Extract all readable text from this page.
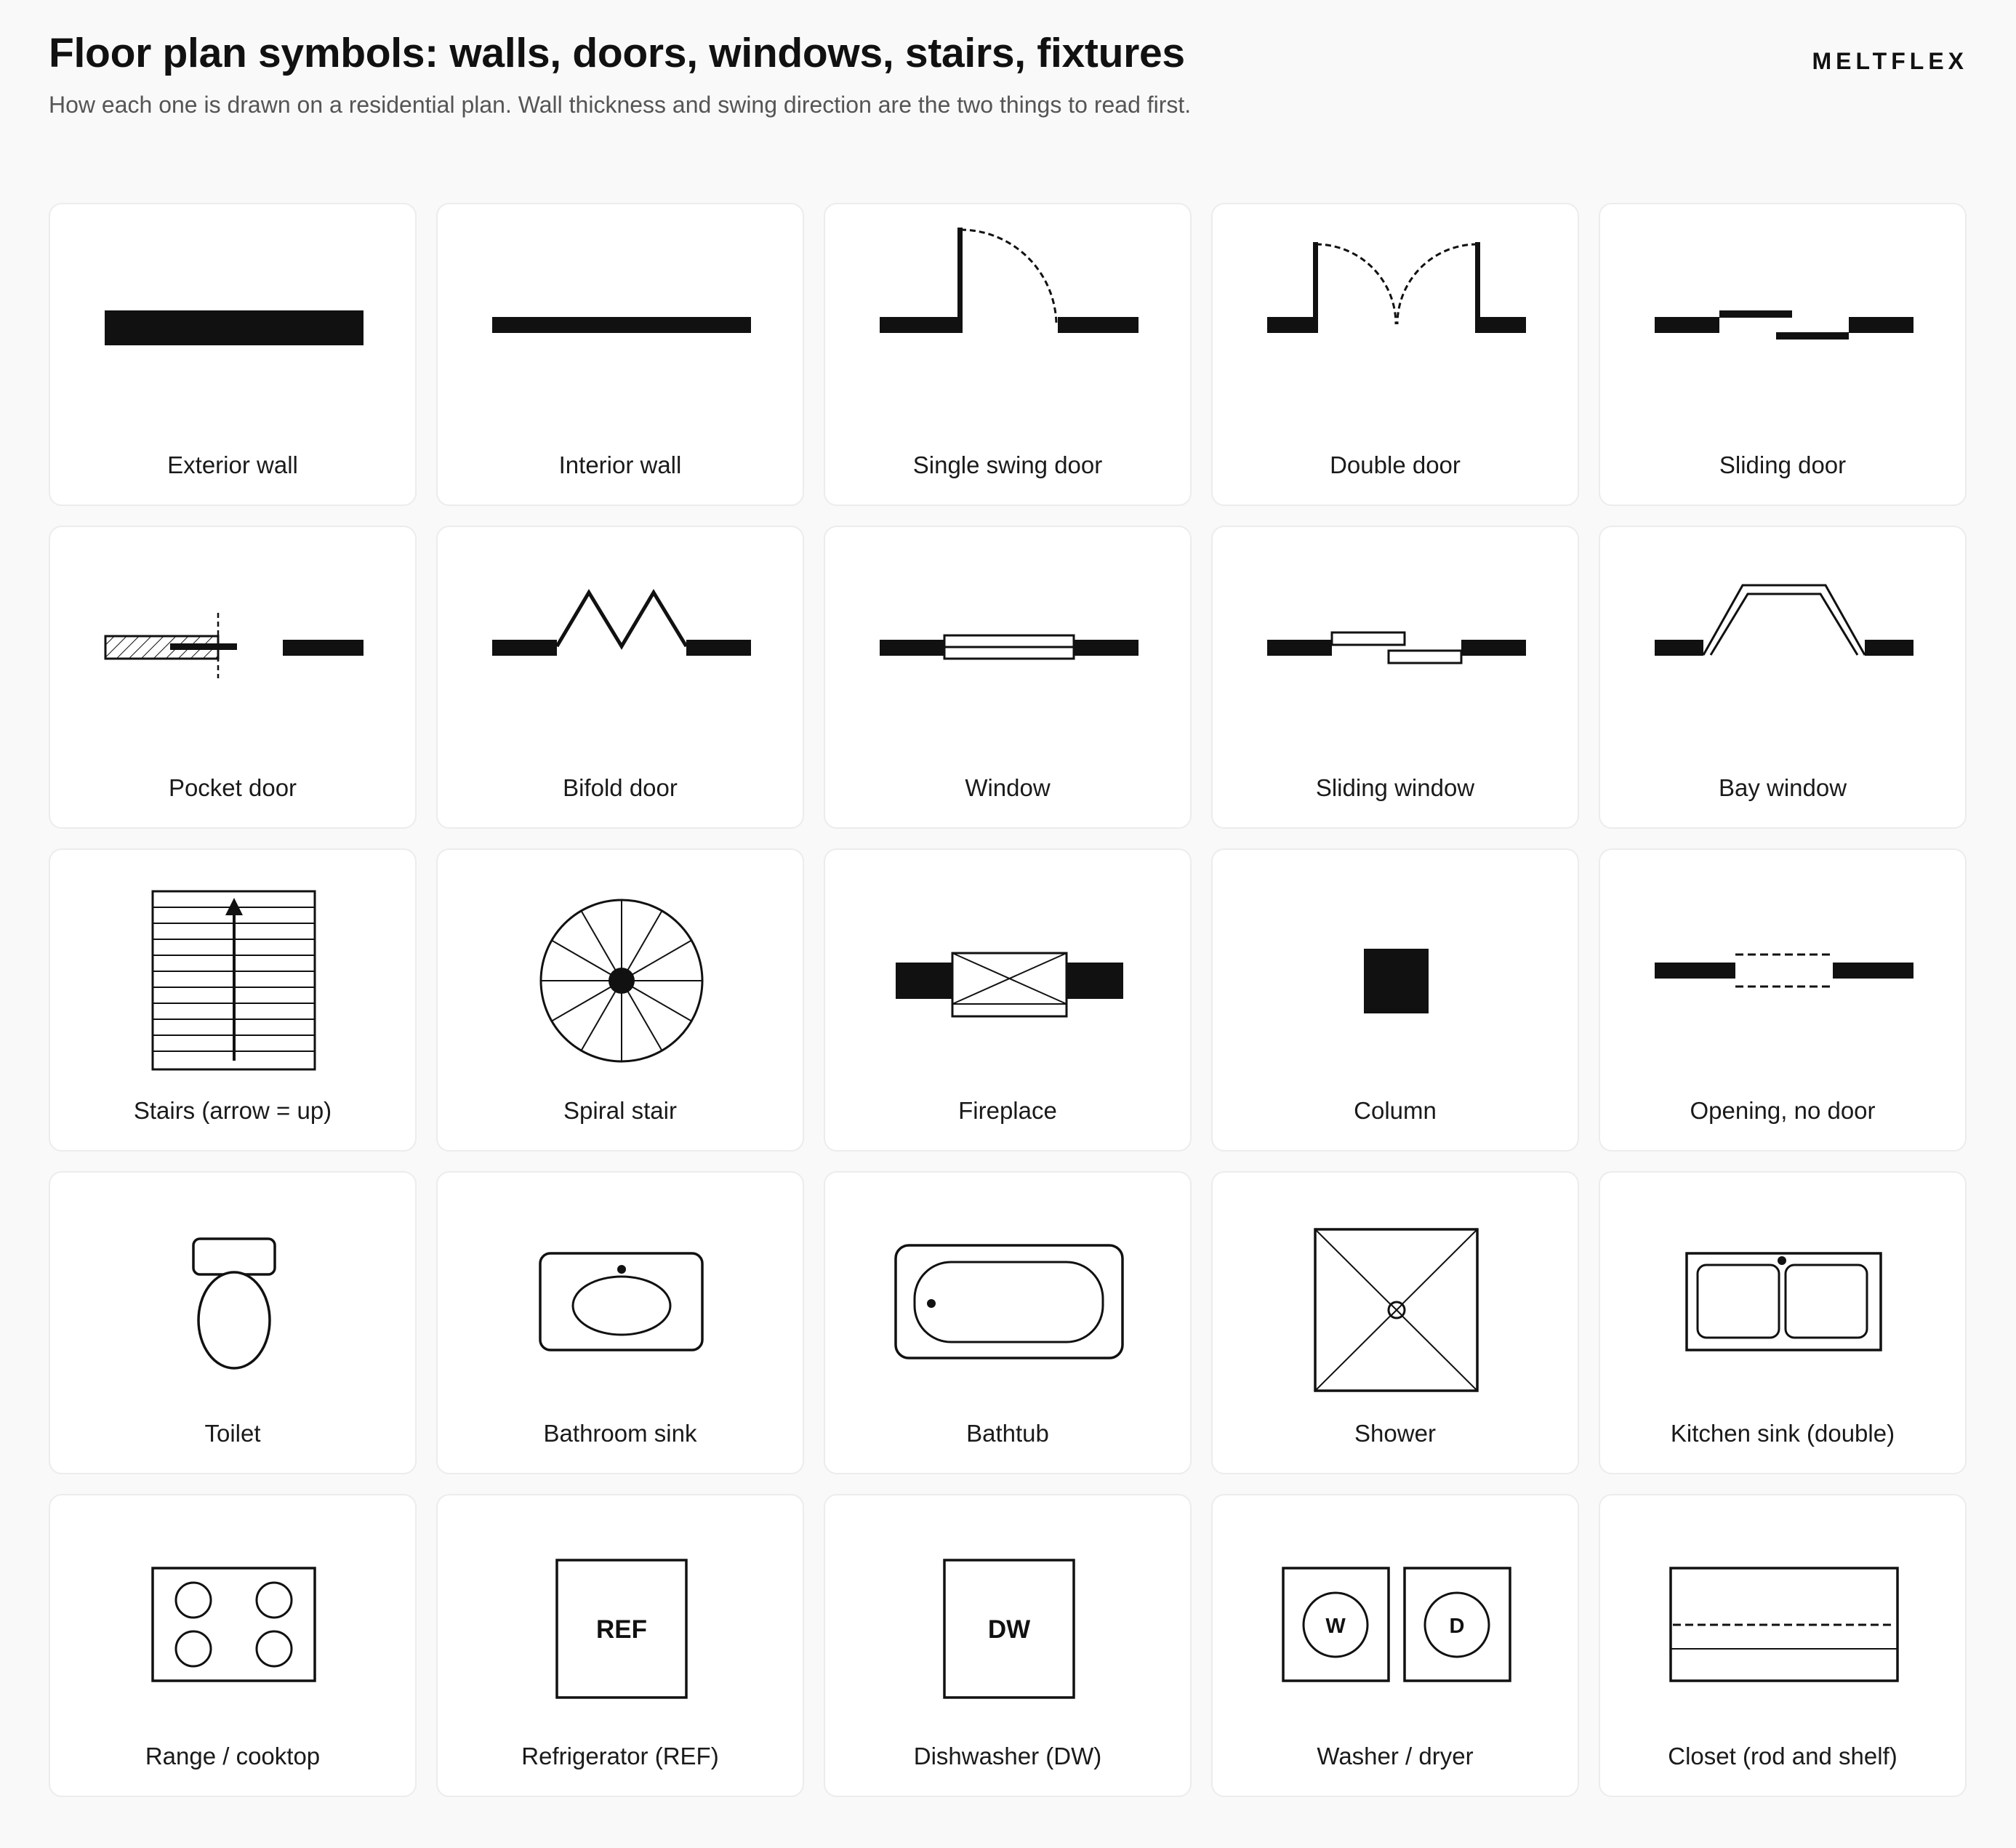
Floor plan symbols: walls, doors, windows, stairs, fixtures

How each one is drawn on a residential plan. Wall thickness and swing direction are the two things to read first.

MELTFLEX
Exterior wall	Interior wall	Single swing door	Double door	Sliding door
Pocket door	Bifold door	Window	Sliding window	Bay window
Stairs (arrow = up)	Spiral stair	Fireplace	Column	Opening, no door
Toilet	Bathroom sink	Bathtub	Shower	Kitchen sink (double)
Range / cooktop
REF
Refrigerator (REF)
DW
Dishwasher (DW)
W	D
Washer / dryer	Closet (rod and shelf)
